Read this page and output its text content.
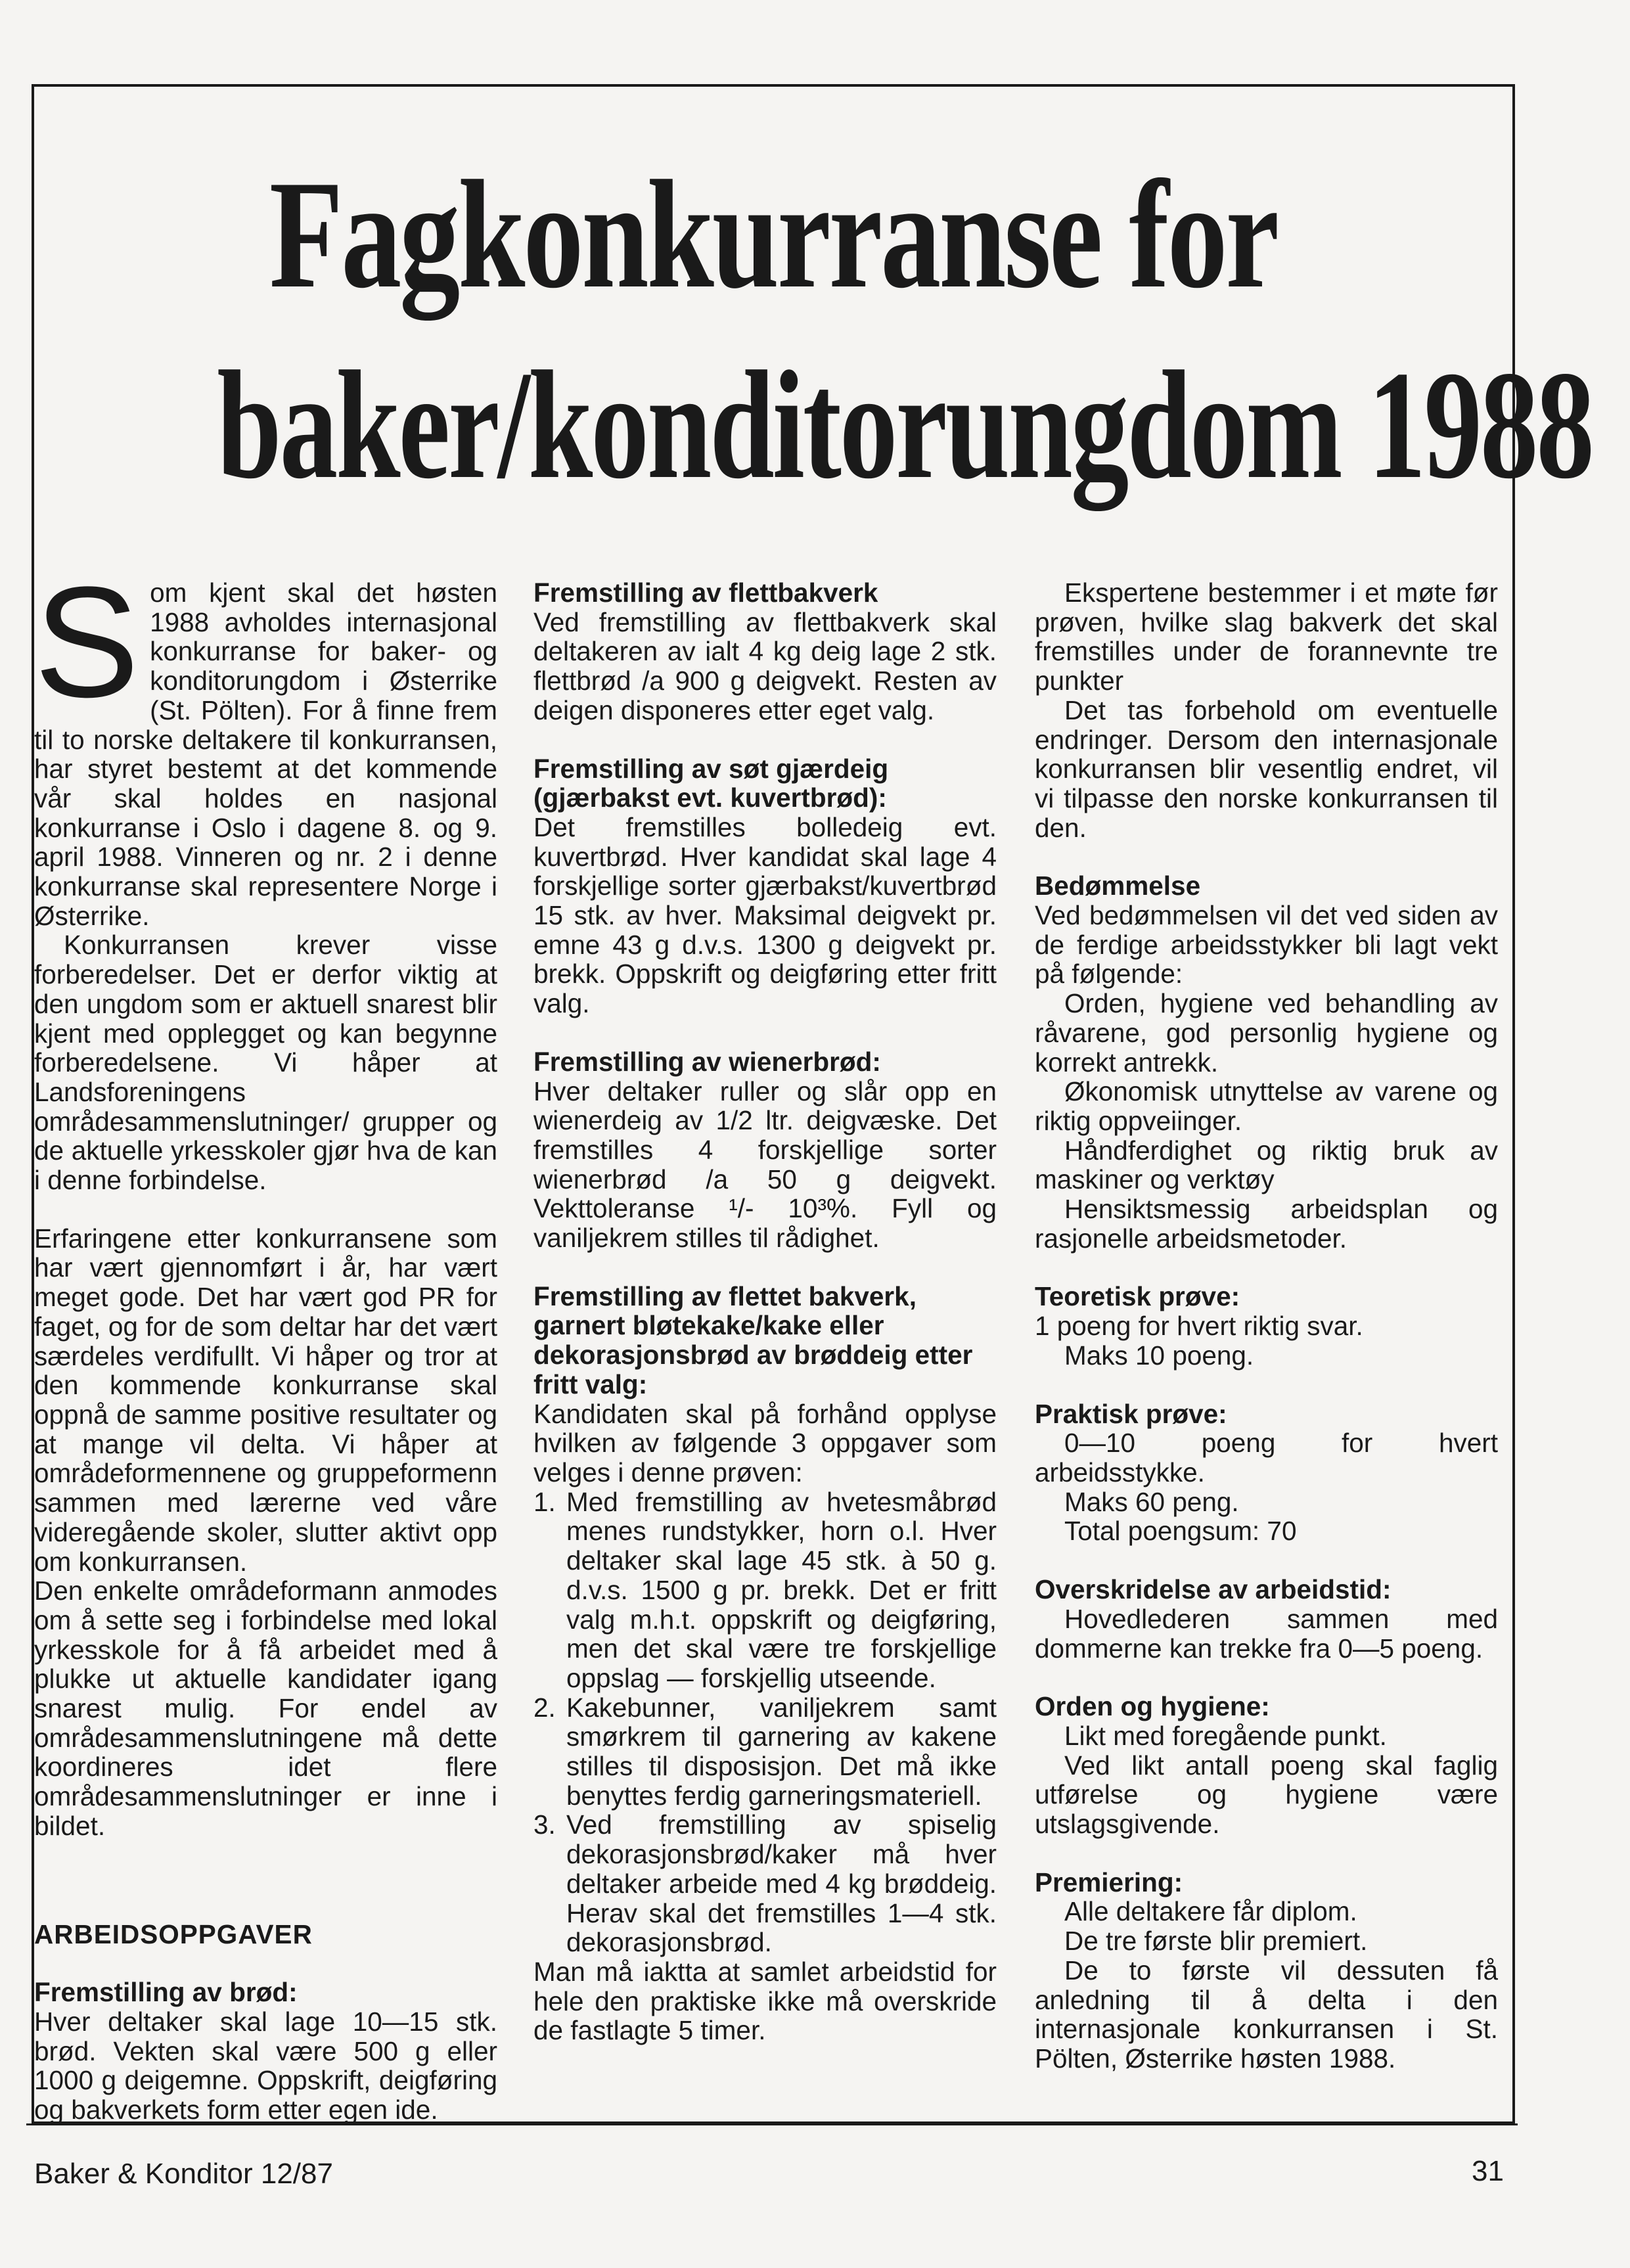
Fagkonkurranse for
baker/konditorungdom 1988

Som kjent skal det høsten 1988 avholdes internasjonal konkurranse for baker- og konditorungdom i Østerrike (St. Pölten). For å finne frem til to norske deltakere til konkurransen, har styret bestemt at det kommende vår skal holdes en nasjonal konkurranse i Oslo i dagene 8. og 9. april 1988. Vinneren og nr. 2 i denne konkurranse skal representere Norge i Østerrike.

Konkurransen krever visse forberedelser. Det er derfor viktig at den ungdom som er aktuell snarest blir kjent med opplegget og kan begynne forberedelsene. Vi håper at Landsforeningens områdesammenslutninger/ grupper og de aktuelle yrkesskoler gjør hva de kan i denne forbindelse.

Erfaringene etter konkurransene som har vært gjennomført i år, har vært meget gode. Det har vært god PR for faget, og for de som deltar har det vært særdeles verdifullt. Vi håper og tror at den kommende konkurranse skal oppnå de samme positive resultater og at mange vil delta. Vi håper at områdeformennene og gruppeformenn sammen med lærerne ved våre videregående skoler, slutter aktivt opp om konkurransen.

Den enkelte områdeformann anmodes om å sette seg i forbindelse med lokal yrkesskole for å få arbeidet med å plukke ut aktuelle kandidater igang snarest mulig. For endel av områdesammenslutningene må dette koordineres idet flere områdesammenslutninger er inne i bildet.

ARBEIDSOPPGAVER

Fremstilling av brød:

Hver deltaker skal lage 10—15 stk. brød. Vekten skal være 500 g eller 1000 g deigemne. Oppskrift, deigføring og bakverkets form etter egen ide.

Fremstilling av flettbakverk

Ved fremstilling av flettbakverk skal deltakeren av ialt 4 kg deig lage 2 stk. flettbrød /a 900 g deigvekt. Resten av deigen disponeres etter eget valg.

Fremstilling av søt gjærdeig (gjærbakst evt. kuvertbrød):

Det fremstilles bolledeig evt. kuvertbrød. Hver kandidat skal lage 4 forskjellige sorter gjærbakst/kuvertbrød 15 stk. av hver. Maksimal deigvekt pr. emne 43 g d.v.s. 1300 g deigvekt pr. brekk. Oppskrift og deigføring etter fritt valg.

Fremstilling av wienerbrød:

Hver deltaker ruller og slår opp en wienerdeig av 1/2 ltr. deigvæske. Det fremstilles 4 forskjellige sorter wienerbrød /a 50 g deigvekt. Vekttoleranse ¹/- 10³%. Fyll og vaniljekrem stilles til rådighet.

Fremstilling av flettet bakverk, garnert bløtekake/kake eller dekorasjonsbrød av brøddeig etter fritt valg:

Kandidaten skal på forhånd opplyse hvilken av følgende 3 oppgaver som velges i denne prøven:

1. Med fremstilling av hvetesmåbrød menes rundstykker, horn o.l. Hver deltaker skal lage 45 stk. à 50 g. d.v.s. 1500 g pr. brekk. Det er fritt valg m.h.t. oppskrift og deigføring, men det skal være tre forskjellige oppslag — forskjellig utseende.
2. Kakebunner, vaniljekrem samt smørkrem til garnering av kakene stilles til disposisjon. Det må ikke benyttes ferdig garneringsmateriell.
3. Ved fremstilling av spiselig dekorasjonsbrød/kaker må hver deltaker arbeide med 4 kg brøddeig. Herav skal det fremstilles 1—4 stk. dekorasjonsbrød.

Man må iaktta at samlet arbeidstid for hele den praktiske ikke må overskride de fastlagte 5 timer.

Ekspertene bestemmer i et møte før prøven, hvilke slag bakverk det skal fremstilles under de forannevnte tre punkter

Det tas forbehold om eventuelle endringer. Dersom den internasjonale konkurransen blir vesentlig endret, vil vi tilpasse den norske konkurransen til den.

Bedømmelse

Ved bedømmelsen vil det ved siden av de ferdige arbeidsstykker bli lagt vekt på følgende:

Orden, hygiene ved behandling av råvarene, god personlig hygiene og korrekt antrekk.

Økonomisk utnyttelse av varene og riktig oppveiinger.

Håndferdighet og riktig bruk av maskiner og verktøy

Hensiktsmessig arbeidsplan og rasjonelle arbeidsmetoder.

Teoretisk prøve:

1 poeng for hvert riktig svar.

Maks 10 poeng.

Praktisk prøve:

0—10 poeng for hvert arbeidsstykke.

Maks 60 peng.

Total poengsum: 70

Overskridelse av arbeidstid:

Hovedlederen sammen med dommerne kan trekke fra 0—5 poeng.

Orden og hygiene:

Likt med foregående punkt.

Ved likt antall poeng skal faglig utførelse og hygiene være utslagsgivende.

Premiering:

Alle deltakere får diplom.

De tre første blir premiert.

De to første vil dessuten få anledning til å delta i den internasjonale konkurransen i St. Pölten, Østerrike høsten 1988.

Baker & Konditor 12/87	31
